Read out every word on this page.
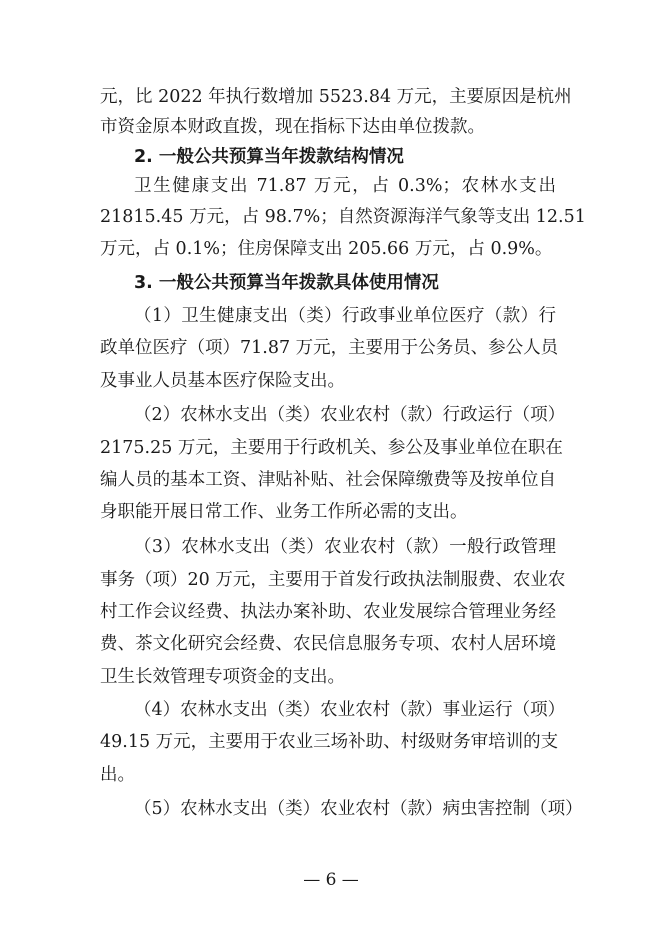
元，比 2022 年执行数增加 5523.84 万元，主要原因是杭州
市资金原本财政直拨，现在指标下达由单位拨款。
2. 一般公共预算当年拨款结构情况
卫生健康支出 71.87 万元，占 0.3%；农林水支出
21815.45 万元，占 98.7%；自然资源海洋气象等支出 12.51
万元，占 0.1%；住房保障支出 205.66 万元，占 0.9%。
3. 一般公共预算当年拨款具体使用情况
（1）卫生健康支出（类）行政事业单位医疗（款）行
政单位医疗（项）71.87 万元，主要用于公务员、参公人员
及事业人员基本医疗保险支出。
（2）农林水支出（类）农业农村（款）行政运行（项）
2175.25 万元，主要用于行政机关、参公及事业单位在职在
编人员的基本工资、津贴补贴、社会保障缴费等及按单位自
身职能开展日常工作、业务工作所必需的支出。
（3）农林水支出（类）农业农村（款）一般行政管理
事务（项）20 万元，主要用于首发行政执法制服费、农业农
村工作会议经费、执法办案补助、农业发展综合管理业务经
费、茶文化研究会经费、农民信息服务专项、农村人居环境
卫生长效管理专项资金的支出。
（4）农林水支出（类）农业农村（款）事业运行（项）
49.15 万元，主要用于农业三场补助、村级财务审培训的支
出。
（5）农林水支出（类）农业农村（款）病虫害控制（项）
— 6 —
